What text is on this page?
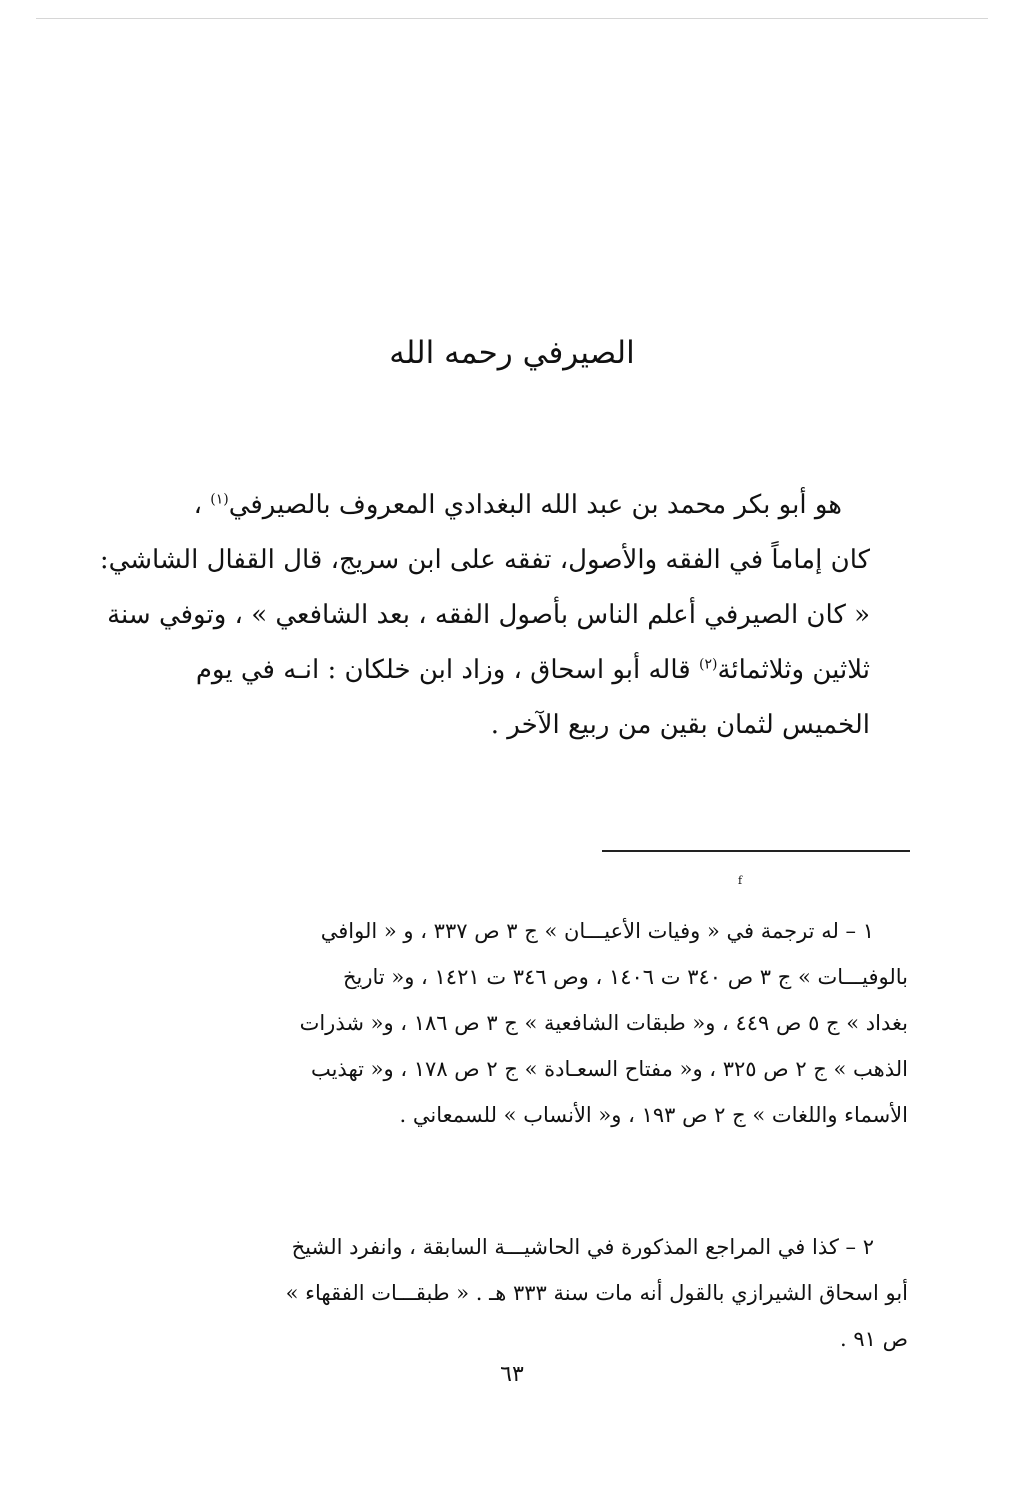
الصيرفي رحمه الله
هو أبو بكر محمد بن عبد الله البغدادي المعروف بالصيرفي$^{(١)}$ ،
كان إماماً في الفقه والأصول، تفقه على ابن سريج، قال القفال الشاشي:
« كان الصيرفي أعلم الناس بأصول الفقه ، بعد الشافعي » ، وتوفي سنة
ثلاثين وثلاثمائة$^{(٢)}$ قاله أبو اسحاق ، وزاد ابن خلكان : انـه في يوم
الخميس لثمان بقين من ربيع الآخر .
f
١ – له ترجمة في « وفيات الأعيـــان » ج ٣ ص ٣٣٧ ، و « الوافي
بالوفيـــات » ج ٣ ص ٣٤٠ ت ١٤٠٦ ، وص ٣٤٦ ت ١٤٢١ ، و« تاريخ
بغداد » ج ٥ ص ٤٤٩ ، و« طبقات الشافعية » ج ٣ ص ١٨٦ ، و« شذرات
الذهب » ج ٢ ص ٣٢٥ ، و« مفتاح السعـادة » ج ٢ ص ١٧٨ ، و« تهذيب
الأسماء واللغات » ج ٢ ص ١٩٣ ، و« الأنساب » للسمعاني .
٢ – كذا في المراجع المذكورة في الحاشيـــة السابقة ، وانفرد الشيخ
أبو اسحاق الشيرازي بالقول أنه مات سنة ٣٣٣ هـ . « طبقـــات الفقهاء »
ص ٩١ .
٦٣
